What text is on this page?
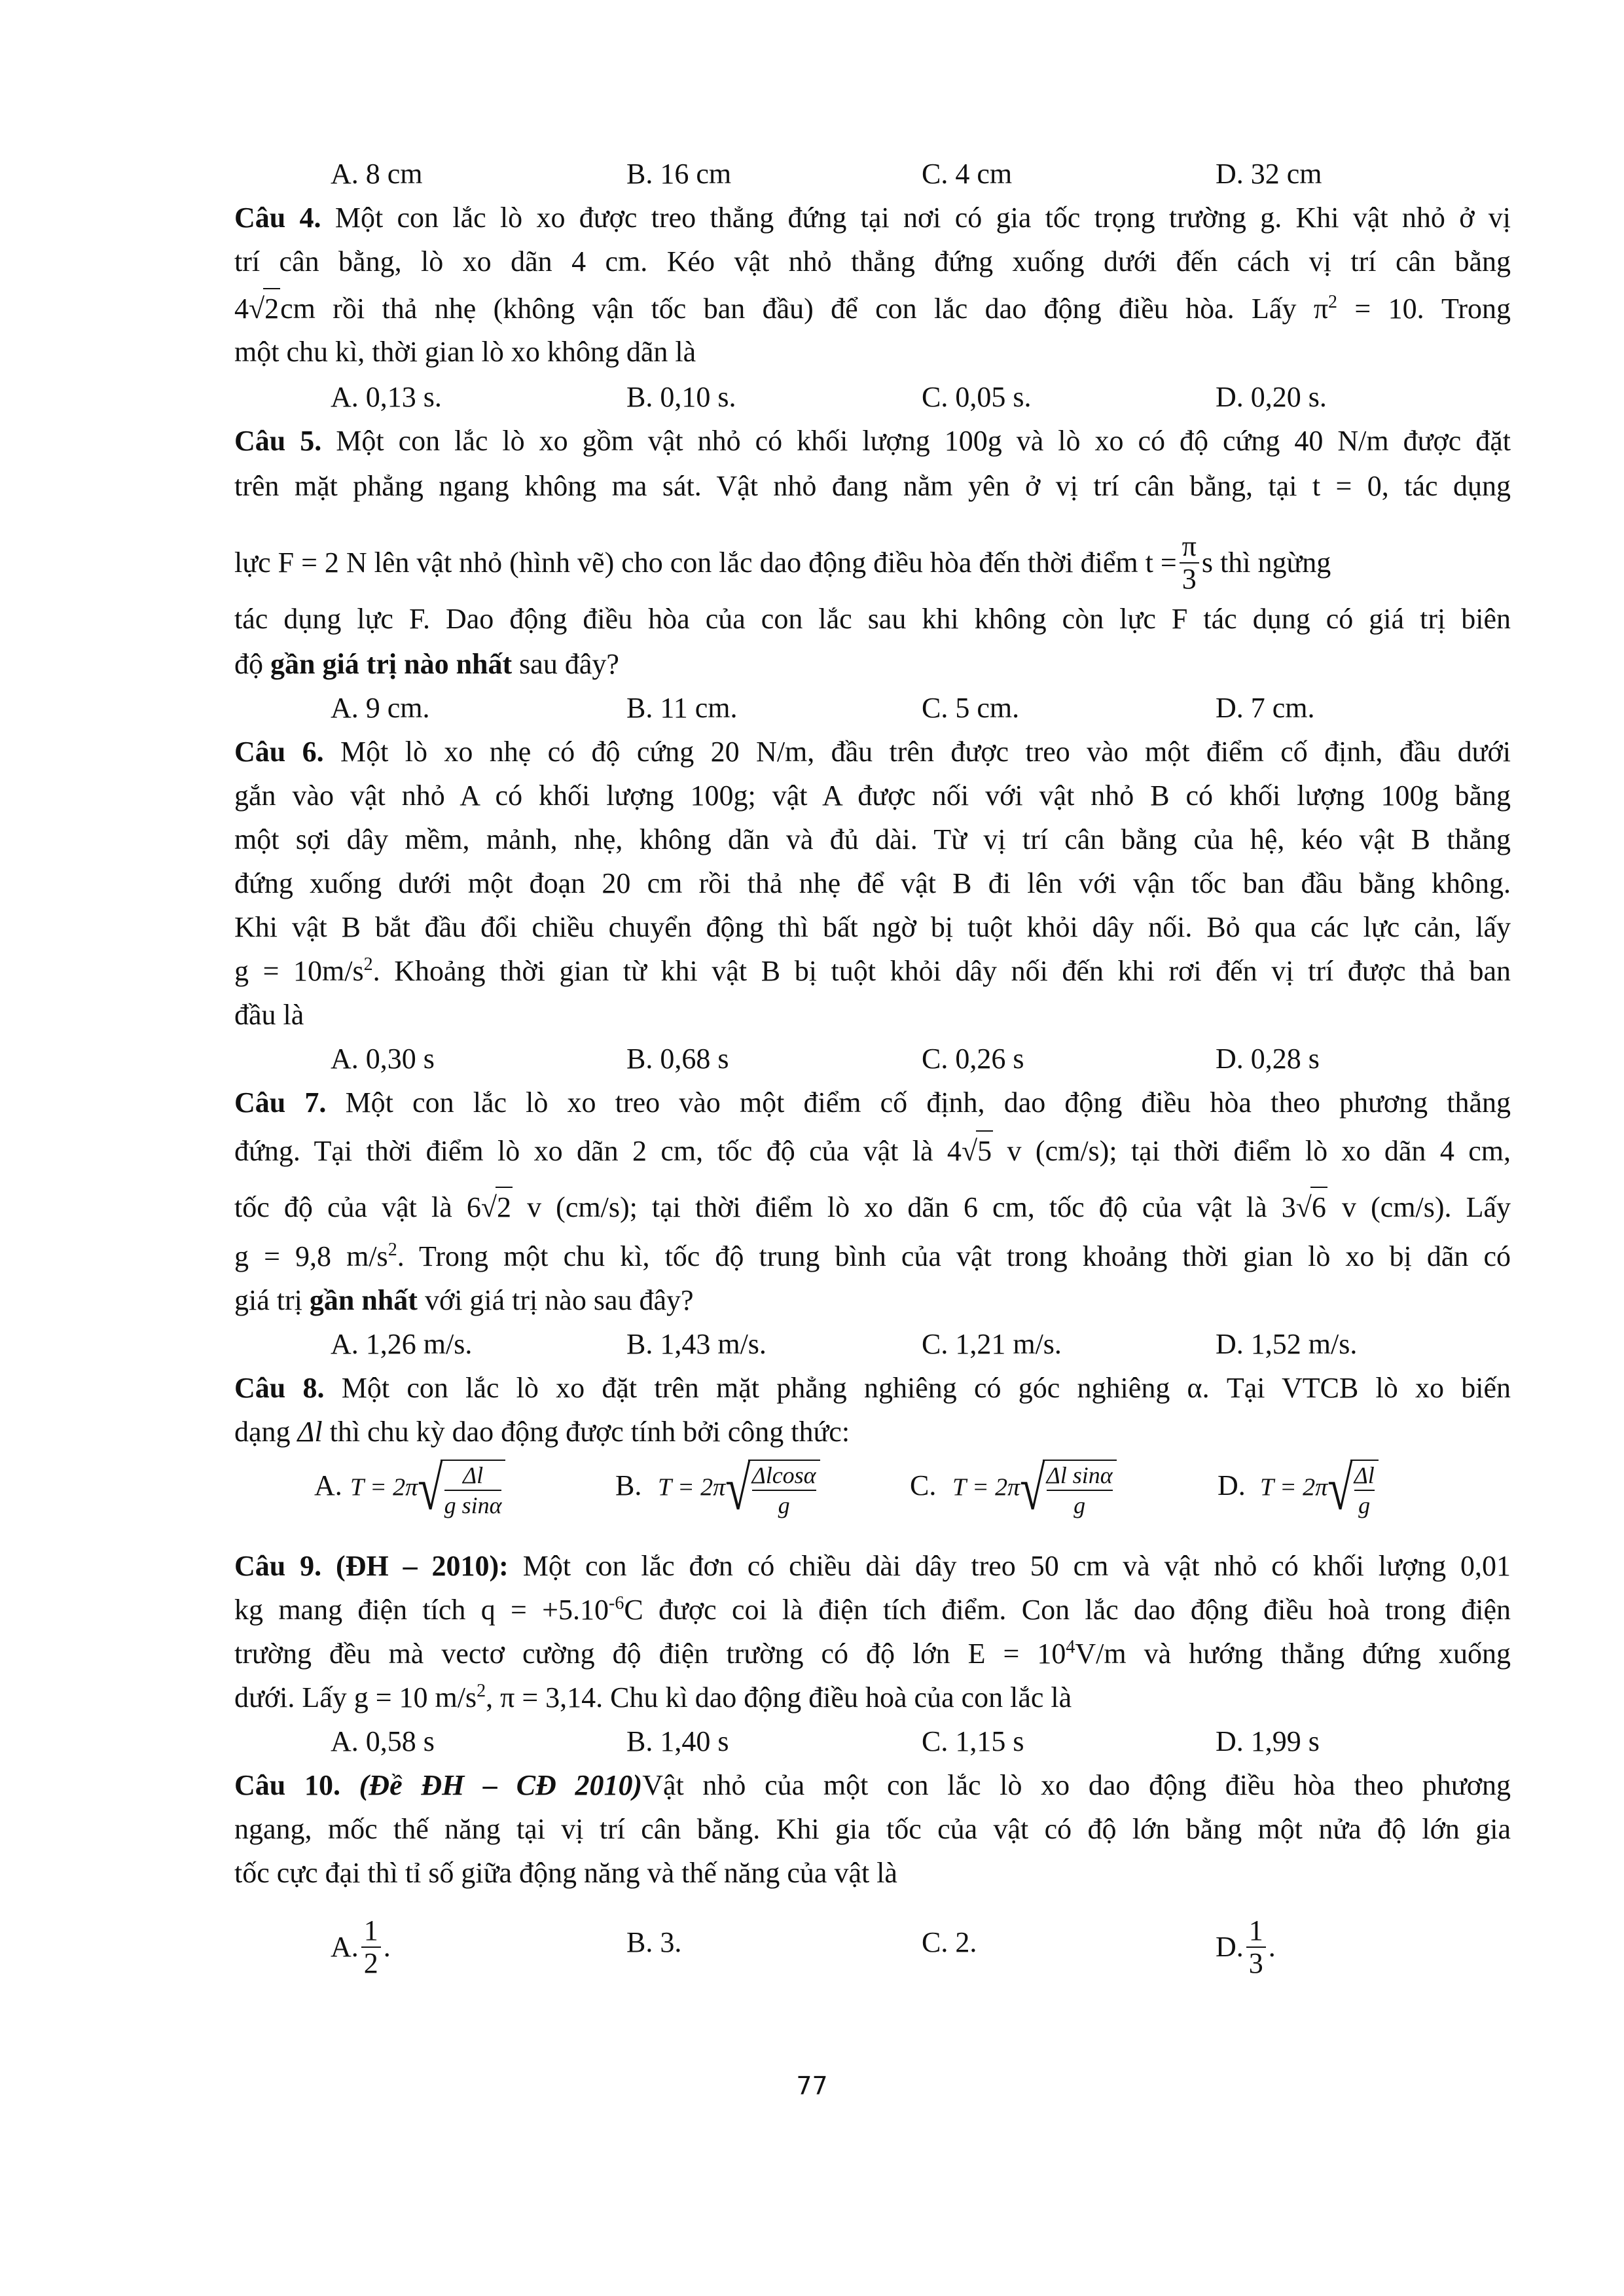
A. 8 cm	B. 16 cm	C. 4 cm	D. 32 cm
Câu 4. Một con lắc lò xo được treo thẳng đứng tại nơi có gia tốc trọng trường g. Khi vật nhỏ ở vị
trí cân bằng, lò xo dãn 4 cm. Kéo vật nhỏ thẳng đứng xuống dưới đến cách vị trí cân bằng
4√2cm rồi thả nhẹ (không vận tốc ban đầu) để con lắc dao động điều hòa. Lấy $\pi^2 = 10$. Trong
một chu kì, thời gian lò xo không dãn là
A. 0,13 s.	B. 0,10 s.	C. 0,05 s.	D. 0,20 s.
Câu 5. Một con lắc lò xo gồm vật nhỏ có khối lượng 100g và lò xo có độ cứng 40 N/m được đặt
trên mặt phẳng ngang không ma sát. Vật nhỏ đang nằm yên ở vị trí cân bằng, tại t = 0, tác dụng
lực F = 2 N lên vật nhỏ (hình vẽ) cho con lắc dao động điều hòa đến thời điểm $t = \frac{\pi}{3}$ s thì ngừng
tác dụng lực F. Dao động điều hòa của con lắc sau khi không còn lực F tác dụng có giá trị biên
độ gần giá trị nào nhất sau đây?
A. 9 cm.	B. 11 cm.	C. 5 cm.	D. 7 cm.
Câu 6. Một lò xo nhẹ có độ cứng 20 N/m, đầu trên được treo vào một điểm cố định, đầu dưới
gắn vào vật nhỏ A có khối lượng 100g; vật A được nối với vật nhỏ B có khối lượng 100g bằng
một sợi dây mềm, mảnh, nhẹ, không dãn và đủ dài. Từ vị trí cân bằng của hệ, kéo vật B thẳng
đứng xuống dưới một đoạn 20 cm rồi thả nhẹ để vật B đi lên với vận tốc ban đầu bằng không.
Khi vật B bắt đầu đổi chiều chuyển động thì bất ngờ bị tuột khỏi dây nối. Bỏ qua các lực cản, lấy
$g = 10m/s^2$. Khoảng thời gian từ khi vật B bị tuột khỏi dây nối đến khi rơi đến vị trí được thả ban
đầu là
A. 0,30 s	B. 0,68 s	C. 0,26 s	D. 0,28 s
Câu 7. Một con lắc lò xo treo vào một điểm cố định, dao động điều hòa theo phương thẳng
đứng. Tại thời điểm lò xo dãn 2 cm, tốc độ của vật là 4√5 v (cm/s); tại thời điểm lò xo dãn 4 cm,
tốc độ của vật là 6√2 v (cm/s); tại thời điểm lò xo dãn 6 cm, tốc độ của vật là 3√6 v (cm/s). Lấy
g = 9,8 $m/s^2$. Trong một chu kì, tốc độ trung bình của vật trong khoảng thời gian lò xo bị dãn có
giá trị gần nhất với giá trị nào sau đây?
A. 1,26 m/s.	B. 1,43 m/s.	C. 1,21 m/s.	D. 1,52 m/s.
Câu 8. Một con lắc lò xo đặt trên mặt phẳng nghiêng có góc nghiêng α. Tại VTCB lò xo biến
dạng Δl thì chu kỳ dao động được tính bởi công thức:
A. T = 2π√
$\frac{\Delta l}{\text{g sinα}}$	B. T = 2π√
$\frac{\Delta lcos\alpha}{g}$	C. T = 2π√
$\frac{\text{Δl sinα}}{g}$	D. T = 2π√
$\frac{\Delta l}{g}$
Câu 9. (ĐH – 2010): Một con lắc đơn có chiều dài dây treo 50 cm và vật nhỏ có khối lượng 0,01
kg mang điện tích $q = +5.10^{-6}C$ được coi là điện tích điểm. Con lắc dao động điều hoà trong điện
trường đều mà vectơ cường độ điện trường có độ lớn $E = 10^4V/m$ và hướng thẳng đứng xuống
dưới. Lấy g = 10 $m/s^2$, π = 3,14. Chu kì dao động điều hoà của con lắc là
A. 0,58 s	B. 1,40 s	C. 1,15 s	D. 1,99 s
Câu 10. (Đề ĐH – CĐ 2010)Vật nhỏ của một con lắc lò xo dao động điều hòa theo phương
ngang, mốc thế năng tại vị trí cân bằng. Khi gia tốc của vật có độ lớn bằng một nửa độ lớn gia
tốc cực đại thì tỉ số giữa động năng và thế năng của vật là
A. $\frac{1}{2}$ .	B. 3.	C. 2.	D. $\frac{1}{3}$ .
77
